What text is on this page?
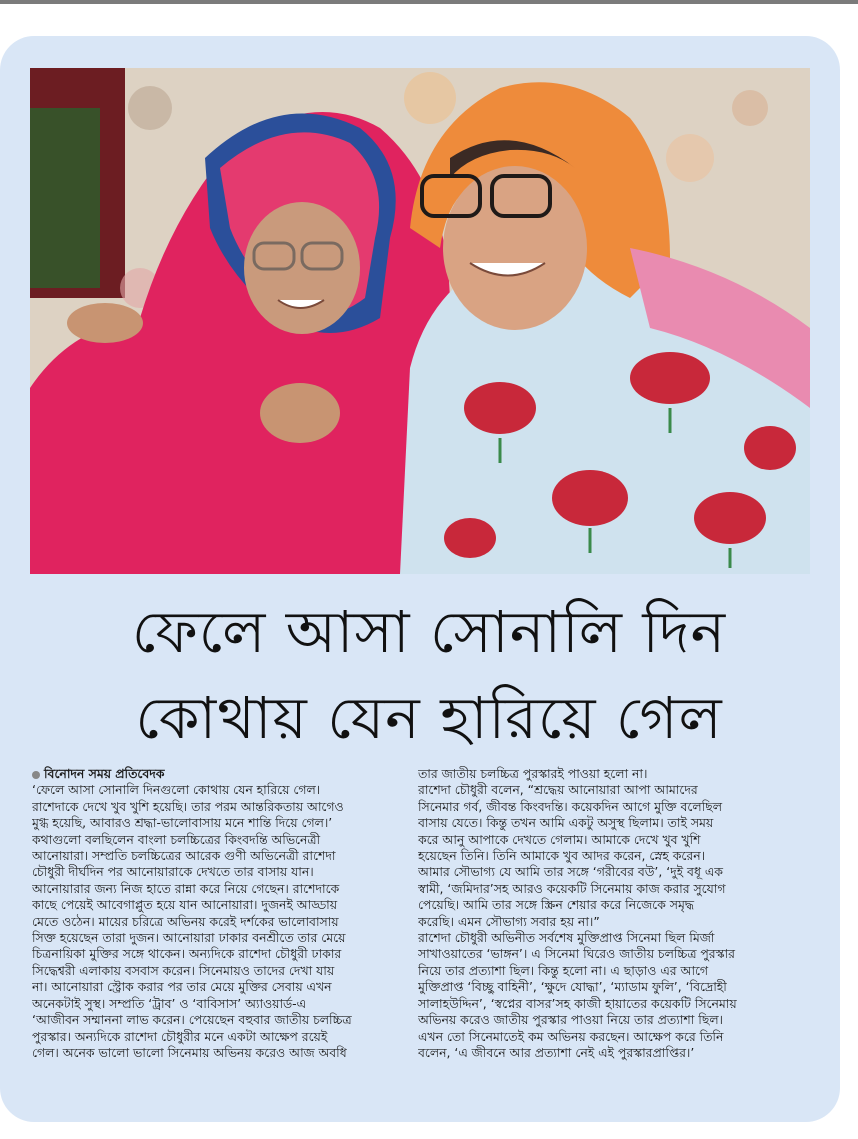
ফেলে আসা সোনালি দিন
কোথায় যেন হারিয়ে গেল

বিনোদন সময় প্রতিবেদক

‘ফেলে আসা সোনালি দিনগুলো কোথায় যেন হারিয়ে গেল।

রাশেদাকে দেখে খুব খুশি হয়েছি। তার পরম আন্তরিকতায় আগেও

মুগ্ধ হয়েছি, আবারও শ্রদ্ধা-ভালোবাসায় মনে শান্তি দিয়ে গেল।’

কথাগুলো বলছিলেন বাংলা চলচ্চিত্রের কিংবদন্তি অভিনেত্রী

আনোয়ারা। সম্প্রতি চলচ্চিত্রের আরেক গুণী অভিনেত্রী রাশেদা

চৌধুরী দীর্ঘদিন পর আনোয়ারাকে দেখতে তার বাসায় যান।

আনোয়ারার জন্য নিজ হাতে রান্না করে নিয়ে গেছেন। রাশেদাকে

কাছে পেয়েই আবেগাপ্লুত হয়ে যান আনোয়ারা। দুজনই আড্ডায়

মেতে ওঠেন। মায়ের চরিত্রে অভিনয় করেই দর্শকের ভালোবাসায়

সিক্ত হয়েছেন তারা দুজন। আনোয়ারা ঢাকার বনশ্রীতে তার মেয়ে

চিত্রনায়িকা মুক্তির সঙ্গে থাকেন। অন্যদিকে রাশেদা চৌধুরী ঢাকার

সিদ্ধেশ্বরী এলাকায় বসবাস করেন। সিনেমায়ও তাদের দেখা যায়

না। আনোয়ারা স্ট্রোক করার পর তার মেয়ে মুক্তির সেবায় এখন

অনেকটাই সুস্থ। সম্প্রতি ‘ট্রাব’ ও ‘বাবিসাস’ অ্যাওয়ার্ড-এ

‘আজীবন সম্মাননা লাভ করেন। পেয়েছেন বহুবার জাতীয় চলচ্চিত্র

পুরস্কার। অন্যদিকে রাশেদা চৌধুরীর মনে একটা আক্ষেপ রয়েই

গেল। অনেক ভালো ভালো সিনেমায় অভিনয় করেও আজ অবধি

তার জাতীয় চলচ্চিত্র পুরস্কারই পাওয়া হলো না।

রাশেদা চৌধুরী বলেন, “শ্রদ্ধেয় আনোয়ারা আপা আমাদের

সিনেমার গর্ব, জীবন্ত কিংবদন্তি। কয়েকদিন আগে মুক্তি বলেছিল

বাসায় যেতে। কিন্তু তখন আমি একটু অসুস্থ ছিলাম। তাই সময়

করে আনু আপাকে দেখতে গেলাম। আমাকে দেখে খুব খুশি

হয়েছেন তিনি। তিনি আমাকে খুব আদর করেন, স্নেহ করেন।

আমার সৌভাগ্য যে আমি তার সঙ্গে ‘গরীবের বউ’, ‘দুই বধূ এক

স্বামী, ‘জমিদার’সহ আরও কয়েকটি সিনেমায় কাজ করার সুযোগ

পেয়েছি। আমি তার সঙ্গে স্ক্রিন শেয়ার করে নিজেকে সমৃদ্ধ

করেছি। এমন সৌভাগ্য সবার হয় না।”

রাশেদা চৌধুরী অভিনীত সর্বশেষ মুক্তিপ্রাপ্ত সিনেমা ছিল মির্জা

সাখাওয়াতের ‘ভাঙ্গন’। এ সিনেমা ঘিরেও জাতীয় চলচ্চিত্র পুরস্কার

নিয়ে তার প্রত্যাশা ছিল। কিন্তু হলো না। এ ছাড়াও এর আগে

মুক্তিপ্রাপ্ত ‘বিচ্ছু বাহিনী’, ‘ক্ষুদে যোদ্ধা’, ‘ম্যাডাম ফুলি’, ‘বিদ্রোহী

সালাহউদ্দিন’, ‘স্বপ্নের বাসর’সহ কাজী হায়াতের কয়েকটি সিনেমায়

অভিনয় করেও জাতীয় পুরস্কার পাওয়া নিয়ে তার প্রত্যাশা ছিল।

এখন তো সিনেমাতেই কম অভিনয় করছেন। আক্ষেপ করে তিনি

বলেন, ‘এ জীবনে আর প্রত্যাশা নেই এই পুরস্কারপ্রাপ্তির।’
